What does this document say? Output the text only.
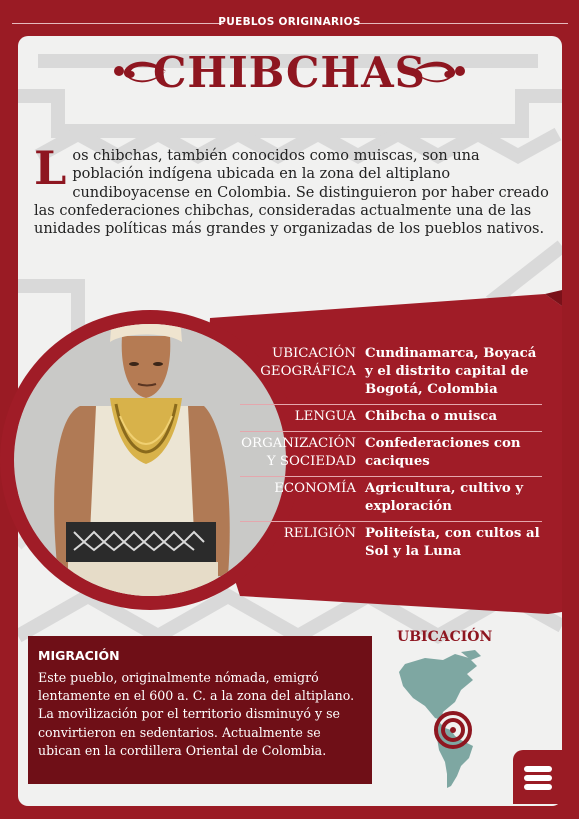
PUEBLOS ORIGINARIOS
CHIBCHAS
Los chibchas, también conocidos como muiscas, son una población indígena ubicada en la zona del altiplano cundiboyacense en Colombia. Se distinguieron por haber creado las confederaciones chibchas, consideradas actualmente una de las unidades políticas más grandes y organizadas de los pueblos nativos.
UBICACIÓN GEOGRÁFICA
Cundinamarca, Boyacá y el distrito capital de Bogotá, Colombia
LENGUA Chibcha o muisca
ORGANIZACIÓN Y SOCIEDAD
Confederaciones con caciques
ECONOMÍA Agricultura, cultivo y exploración
RELIGIÓN Politeísta, con cultos al Sol y la Luna
MIGRACIÓN

Este pueblo, originalmente nómada, emigró lentamente en el 600 a. C. a la zona del altiplano. La movilización por el territorio disminuyó y se convirtieron en sedentarios. Actualmente se ubican en la cordillera Oriental de Colombia.

UBICACIÓN
